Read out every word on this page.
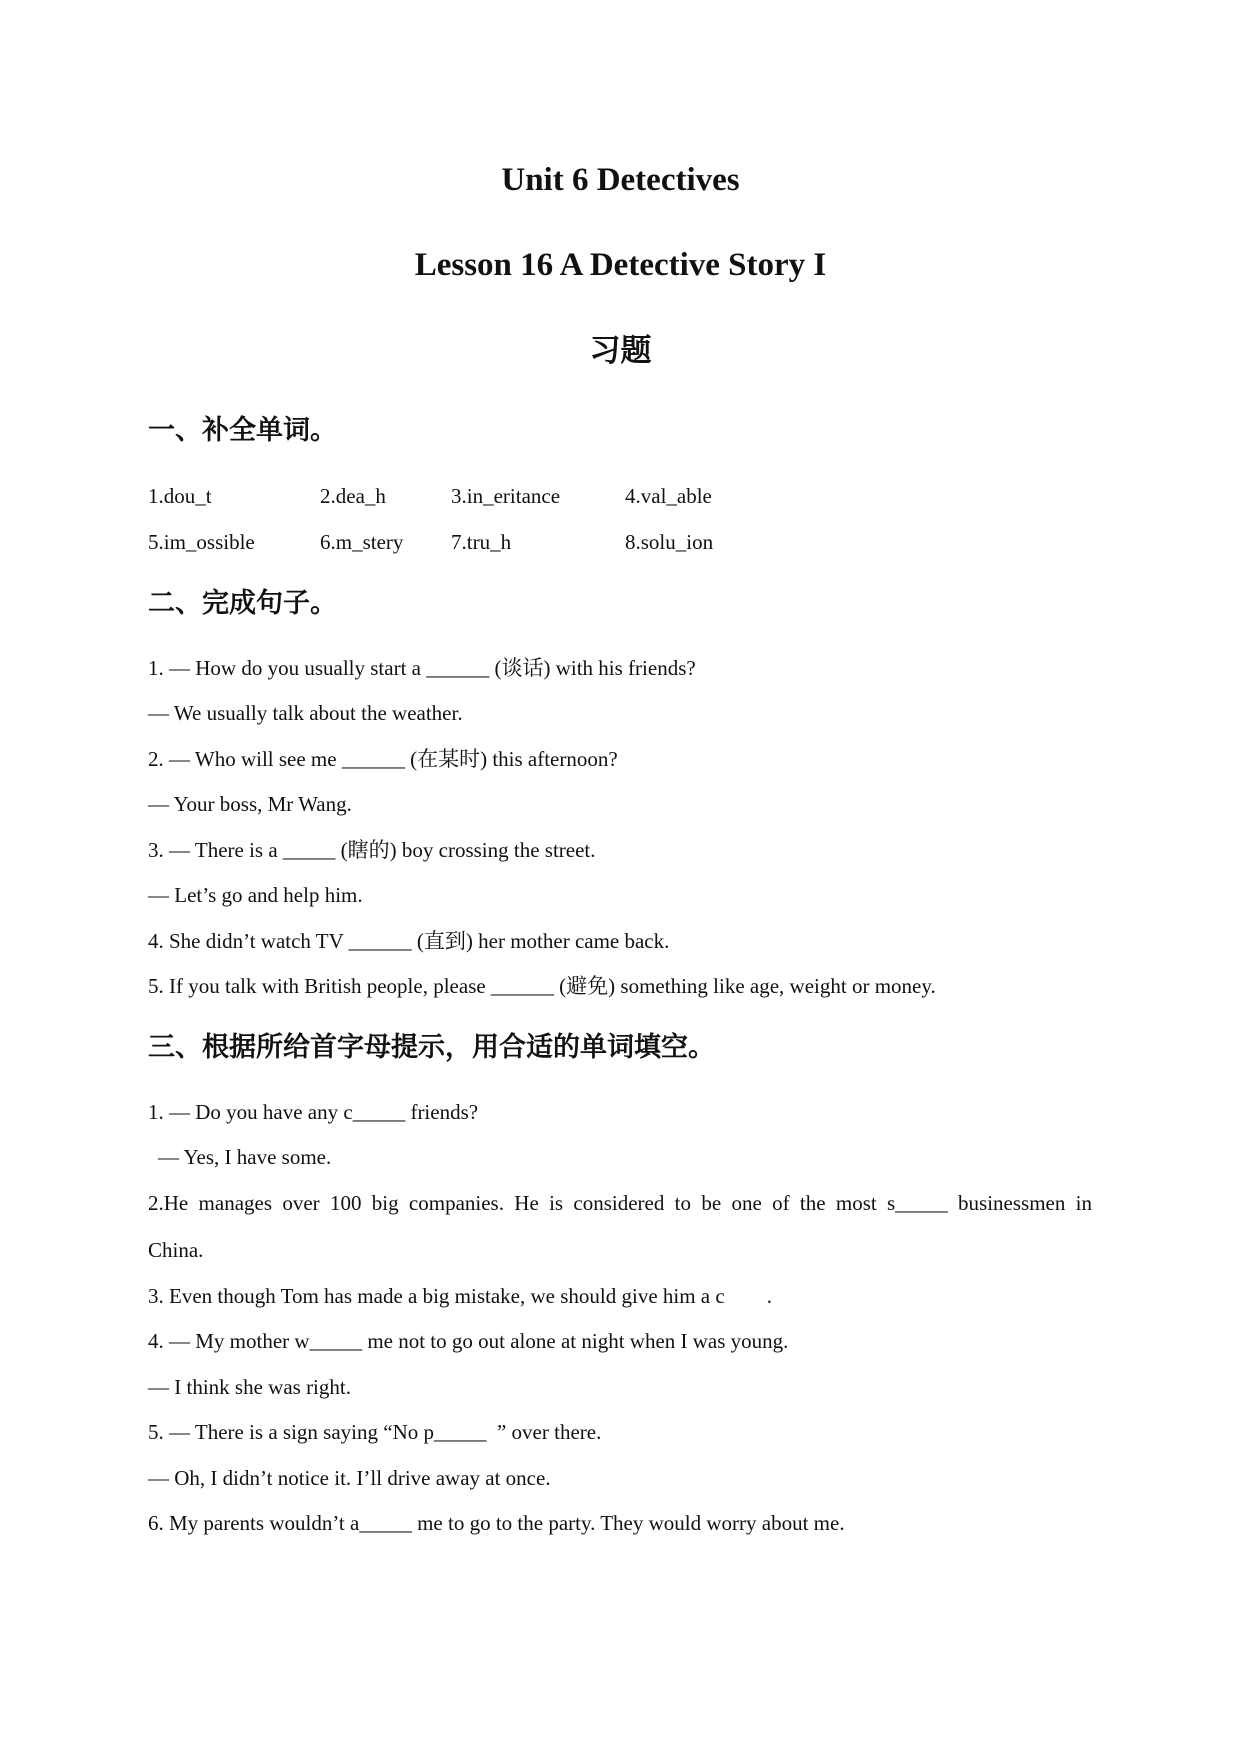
Unit 6 Detectives
Lesson 16 A Detective Story I
习题
一、补全单词。
1.dou_t	2.dea_h	3.in_eritance	4.val_able
5.im_ossible	6.m_stery 7.tru_h	8.solu_ion
二、完成句子。
1. — How do you usually start a ______ (谈话) with his friends?
— We usually talk about the weather.
2. — Who will see me ______ (在某时) this afternoon?
— Your boss, Mr Wang.
3. — There is a _____ (瞎的) boy crossing the street.
— Let’s go and help him.
4. She didn’t watch TV ______ (直到) her mother came back.
5. If you talk with British people, please ______ (避免) something like age, weight or money.
三、根据所给首字母提示，用合适的单词填空。
1. — Do you have any c_____ friends?
— Yes, I have some.
2.He manages over 100 big companies. He is considered to be one of the most s_____ businessmen in
China.
3. Even though Tom has made a big mistake, we should give him a c        .
4. — My mother w_____ me not to go out alone at night when I was young.
— I think she was right.
5. — There is a sign saying “No p_____  ” over there.
— Oh, I didn’t notice it. I’ll drive away at once.
6. My parents wouldn’t a_____ me to go to the party. They would worry about me.
